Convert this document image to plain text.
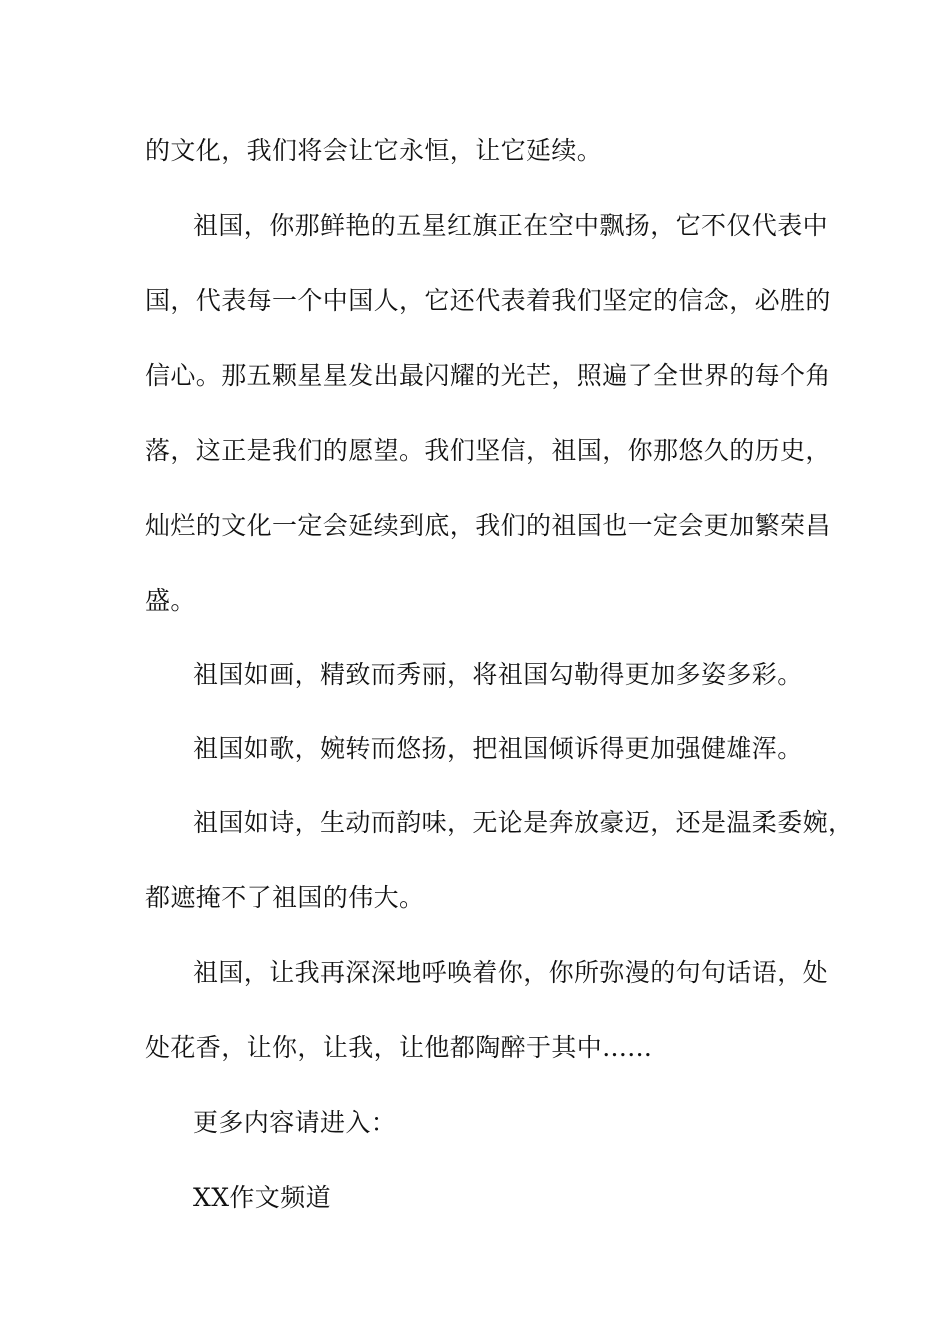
的文化，我们将会让它永恒，让它延续。
祖国，你那鲜艳的五星红旗正在空中飘扬，它不仅代表中
国，代表每一个中国人，它还代表着我们坚定的信念，必胜的
信心。那五颗星星发出最闪耀的光芒，照遍了全世界的每个角
落，这正是我们的愿望。我们坚信，祖国，你那悠久的历史，
灿烂的文化一定会延续到底，我们的祖国也一定会更加繁荣昌
盛。
祖国如画，精致而秀丽，将祖国勾勒得更加多姿多彩。
祖国如歌，婉转而悠扬，把祖国倾诉得更加强健雄浑。
祖国如诗，生动而韵味，无论是奔放豪迈，还是温柔委婉，
都遮掩不了祖国的伟大。
祖国，让我再深深地呼唤着你，你所弥漫的句句话语，处
处花香，让你，让我，让他都陶醉于其中......
更多内容请进入：
XX作文频道
